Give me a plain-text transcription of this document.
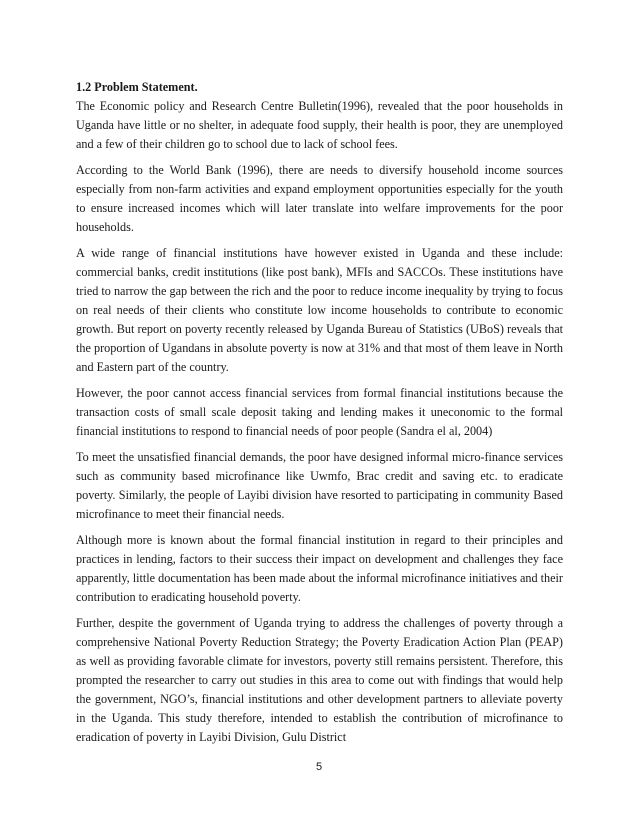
1.2 Problem Statement.

The Economic policy and Research Centre Bulletin(1996), revealed that the poor households in Uganda have little or no shelter, in adequate food supply, their health is poor, they are unemployed and a few of their children go to school due to lack of school fees.

According to the World Bank (1996), there are needs to diversify household income sources especially from non-farm activities and expand employment opportunities especially for the youth to ensure increased incomes which will later translate into welfare improvements for the poor households.

A wide range of financial institutions have however existed in Uganda and these include: commercial banks, credit institutions (like post bank), MFIs and SACCOs. These institutions have tried to narrow the gap between the rich and the poor to reduce income inequality by trying to focus on real needs of their clients who constitute low income households to contribute to economic growth. But report on poverty recently released by Uganda Bureau of Statistics (UBoS) reveals that the proportion of Ugandans in absolute poverty is now at 31% and that most of them leave in North and Eastern part of the country.

However, the poor cannot access financial services from formal financial institutions because the transaction costs of small scale deposit taking and lending makes it uneconomic to the formal financial institutions to respond to financial needs of poor people (Sandra el al, 2004)

To meet the unsatisfied financial demands, the poor have designed informal micro-finance services such as community based microfinance like Uwmfo, Brac credit and saving etc. to eradicate poverty. Similarly, the people of Layibi division have resorted to participating in community Based microfinance to meet their financial needs.

Although more is known about the formal financial institution in regard to their principles and practices in lending, factors to their success their impact on development and challenges they face apparently, little documentation has been made about the informal microfinance initiatives and their contribution to eradicating household poverty.

Further, despite the government of Uganda trying to address the challenges of poverty through a comprehensive National Poverty Reduction Strategy; the Poverty Eradication Action Plan (PEAP) as well as providing favorable climate for investors, poverty still remains persistent. Therefore, this prompted the researcher to carry out studies in this area to come out with findings that would help the government, NGO’s, financial institutions and other development partners to alleviate poverty in the Uganda. This study therefore, intended to establish the contribution of microfinance to eradication of poverty in Layibi Division, Gulu District

5
